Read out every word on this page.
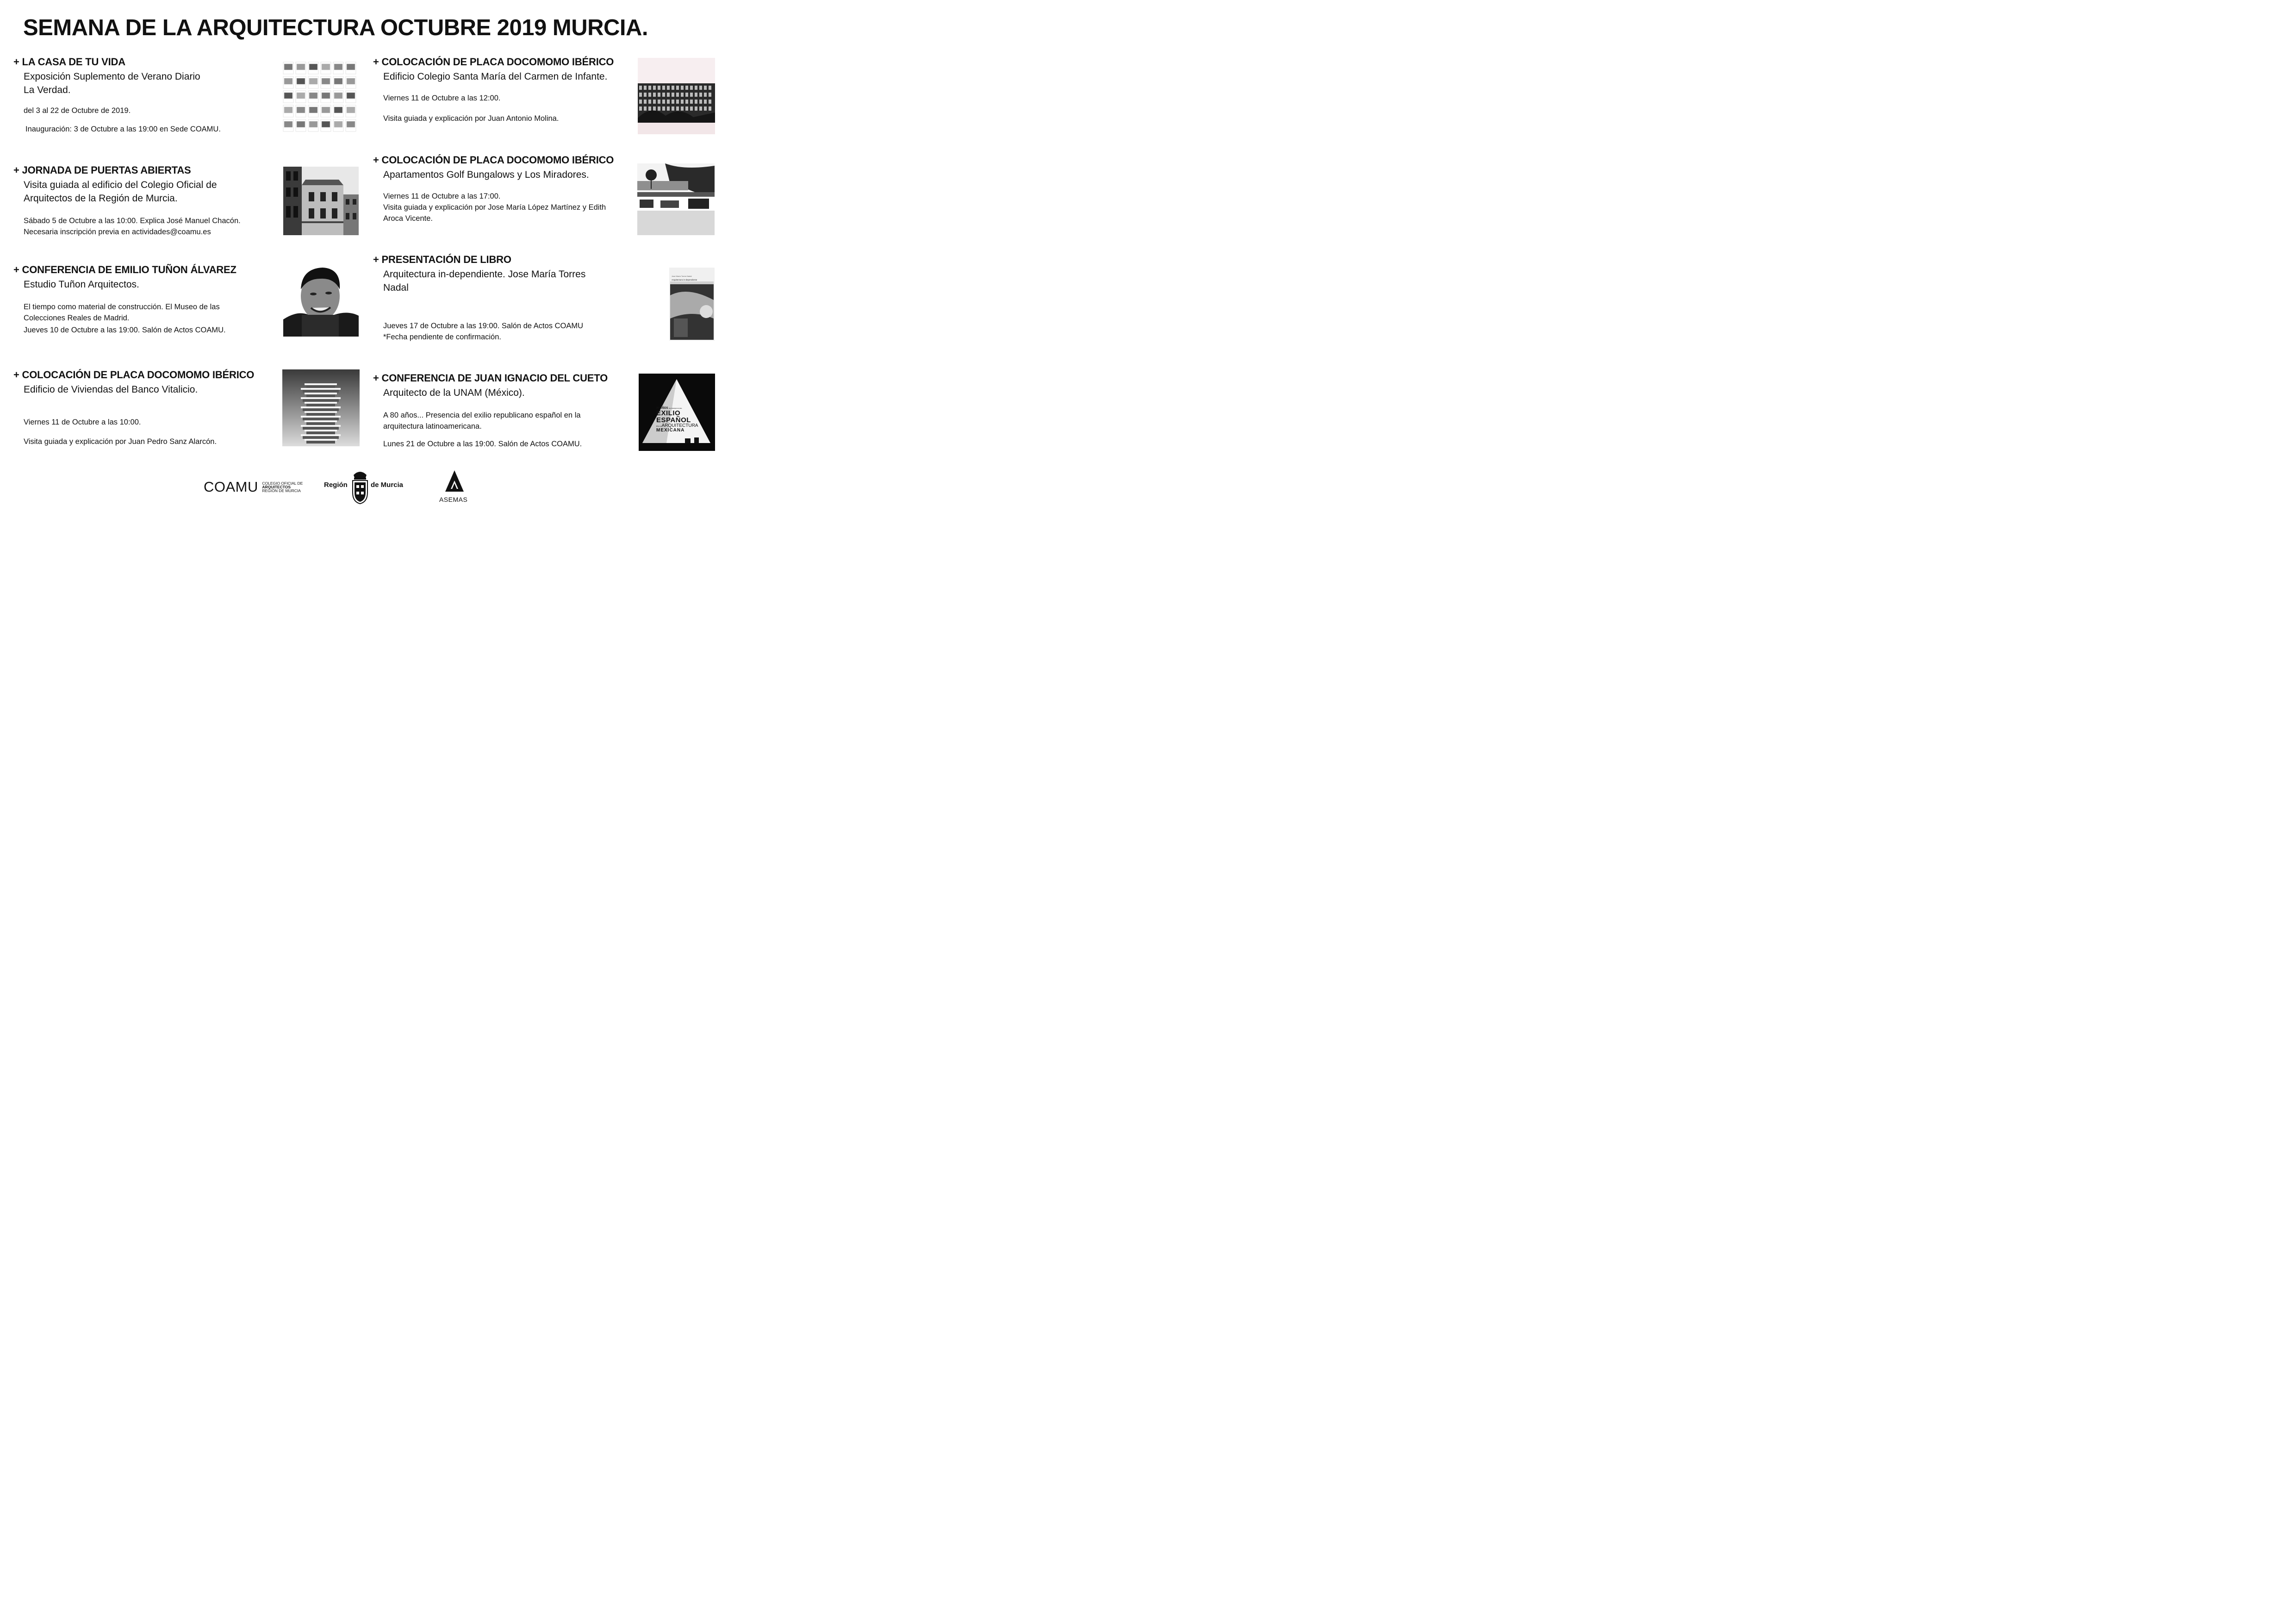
SEMANA DE LA ARQUITECTURA OCTUBRE 2019 MURCIA.
+ LA CASA DE TU VIDA
Exposición Suplemento de Verano Diario
La Verdad.
del 3 al 22 de Octubre de 2019.
Inauguración: 3 de Octubre a las 19:00 en Sede COAMU.
+ JORNADA DE PUERTAS ABIERTAS
Visita guiada al edificio del Colegio Oficial de
Arquitectos de la Región de Murcia.
Sábado 5 de Octubre a las 10:00. Explica José Manuel Chacón.
Necesaria inscripción previa en actividades@coamu.es
+ CONFERENCIA DE EMILIO TUÑON ÁLVAREZ
Estudio Tuñon Arquitectos.
El tiempo como material de construcción. El Museo de las
Colecciones Reales de Madrid.
Jueves 10 de Octubre a las 19:00. Salón de Actos COAMU.
+ COLOCACIÓN DE PLACA DOCOMOMO IBÉRICO
Edificio de Viviendas del Banco Vitalicio.
Viernes 11 de Octubre a las 10:00.
Visita guiada y explicación por Juan Pedro Sanz Alarcón.
+ COLOCACIÓN DE PLACA DOCOMOMO IBÉRICO
Edificio Colegio Santa María del Carmen de Infante.
Viernes 11 de Octubre a las 12:00.
Visita guiada y explicación por Juan Antonio Molina.
+ COLOCACIÓN DE PLACA DOCOMOMO IBÉRICO
Apartamentos Golf Bungalows y Los Miradores.
Viernes 11 de Octubre a las 17:00.
Visita guiada y explicación por Jose María López Martínez y Edith
Aroca Vicente.
+ PRESENTACIÓN DE LIBRO
Arquitectura in-dependiente. Jose María Torres
Nadal
Jueves 17 de Octubre a las 19:00. Salón de Actos COAMU
*Fecha pendiente de confirmación.
+ CONFERENCIA DE JUAN IGNACIO DEL CUETO
Arquitecto de la UNAM (México).
A 80 años... Presencia del exilio republicano español en la
arquitectura latinoamericana.
Lunes 21 de Octubre a las 19:00. Salón de Actos COAMU.
Jose María Torres Nadal
Arquitectura in-dependiente
80 AÑOS DE PRESENCIA DEL
EXILIO
ESPAÑOL
EN LAARQUITECTURA
MEXICANA
COAMU COLEGIO OFICIAL DE
ARQUITECTOS
REGIÓN DE MURCIA
Región	de Murcia
ASEMAS
